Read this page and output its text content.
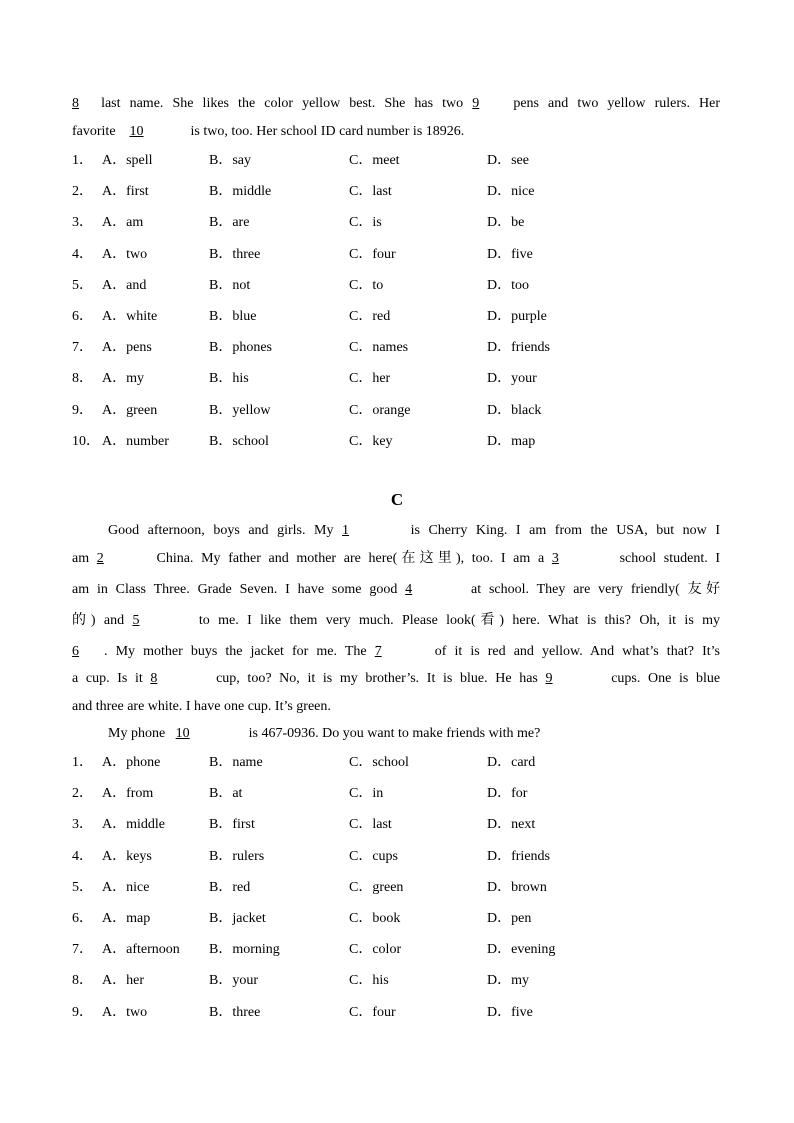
8 last name. She likes the color yellow best. She has two 9 pens and two yellow rulers. Her
favorite 10	is two, too. Her school ID card number is 18926.
1． A．spell	B．say	C．meet	D．see
2． A．first	B．middle	C．last	D．nice
3． A．am	B．are	C．is	D．be
4． A．two	B．three	C．four	D．five
5． A．and	B．not	C．to	D．too
6． A．white	B．blue	C．red	D．purple
7． A．pens	B．phones	C．names	D．friends
8． A．my	B．his	C．her	D．your
9． A．green	B．yellow	C．orange	D．black
10． A．number	B．school	C．key	D．map
C
Good afternoon, boys and girls. My 1	is Cherry King. I am from the USA, but now I
am 2	China. My father and mother are here(在这里), too. I am a 3	school student. I
am in Class Three. Grade Seven. I have some good 4	at school. They are very friendly( 友好
的) and 5	to me. I like them very much. Please look(看) here. What is this? Oh, it is my
6 . My mother buys the jacket for me. The 7	of it is red and yellow. And what’s that? It’s
a cup. Is it 8	cup, too? No, it is my brother’s. It is blue. He has 9	cups. One is blue
and three are white. I have one cup. It’s green.
My phone 10	is 467-0936. Do you want to make friends with me?
1． A．phone	B．name	C．school	D．card
2． A．from	B．at	C．in	D．for
3． A．middle	B．first	C．last	D．next
4． A．keys	B．rulers	C．cups	D．friends
5． A．nice	B．red	C．green	D．brown
6． A．map	B．jacket	C．book	D．pen
7． A．afternoon B．morning	C．color	D．evening
8． A．her	B．your	C．his	D．my
9． A．two	B．three	C．four	D．five
